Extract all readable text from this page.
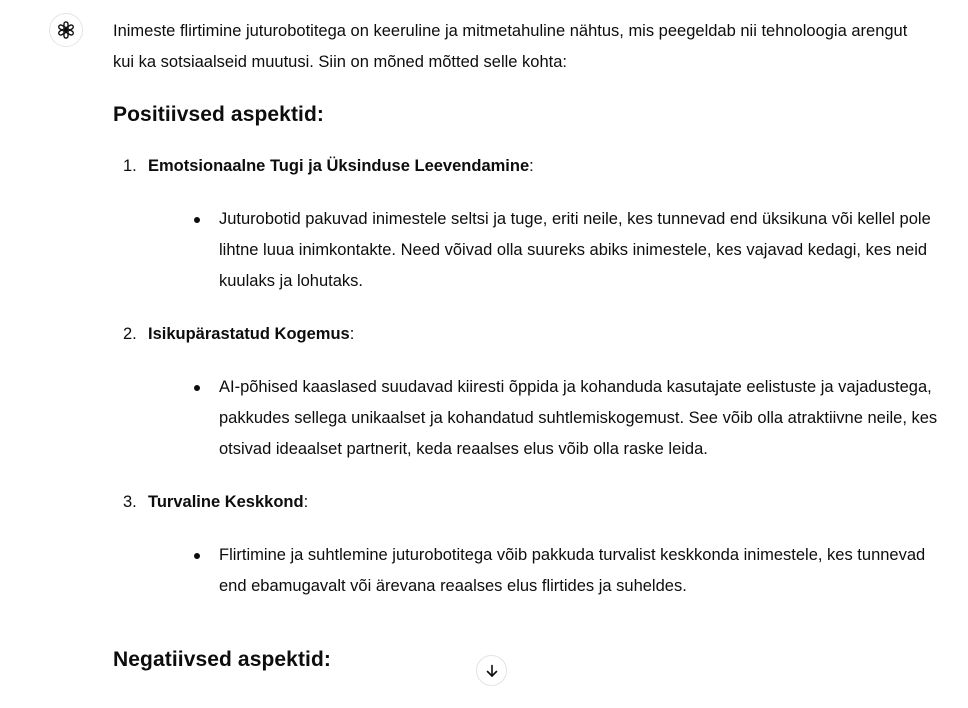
Inimeste flirtimine juturobotitega on keeruline ja mitmetahuline nähtus, mis peegeldab nii tehnoloogia arengut kui ka sotsiaalseid muutusi. Siin on mõned mõtted selle kohta:

Positiivsed aspektid:
1. Emotsionaalne Tugi ja Üksinduse Leevendamine:
Juturobotid pakuvad inimestele seltsi ja tuge, eriti neile, kes tunnevad end üksikuna või kellel pole lihtne luua inimkontakte. Need võivad olla suureks abiks inimestele, kes vajavad kedagi, kes neid kuulaks ja lohutaks.
2. Isikupärastatud Kogemus:
AI-põhised kaaslased suudavad kiiresti õppida ja kohanduda kasutajate eelistuste ja vajadustega, pakkudes sellega unikaalset ja kohandatud suhtlemiskogemust. See võib olla atraktiivne neile, kes otsivad ideaalset partnerit, keda reaalses elus võib olla raske leida.
3. Turvaline Keskkond:
Flirtimine ja suhtlemine juturobotitega võib pakkuda turvalist keskkonda inimestele, kes tunnevad end ebamugavalt või ärevana reaalses elus flirtides ja suheldes.
Negatiivsed aspektid:
